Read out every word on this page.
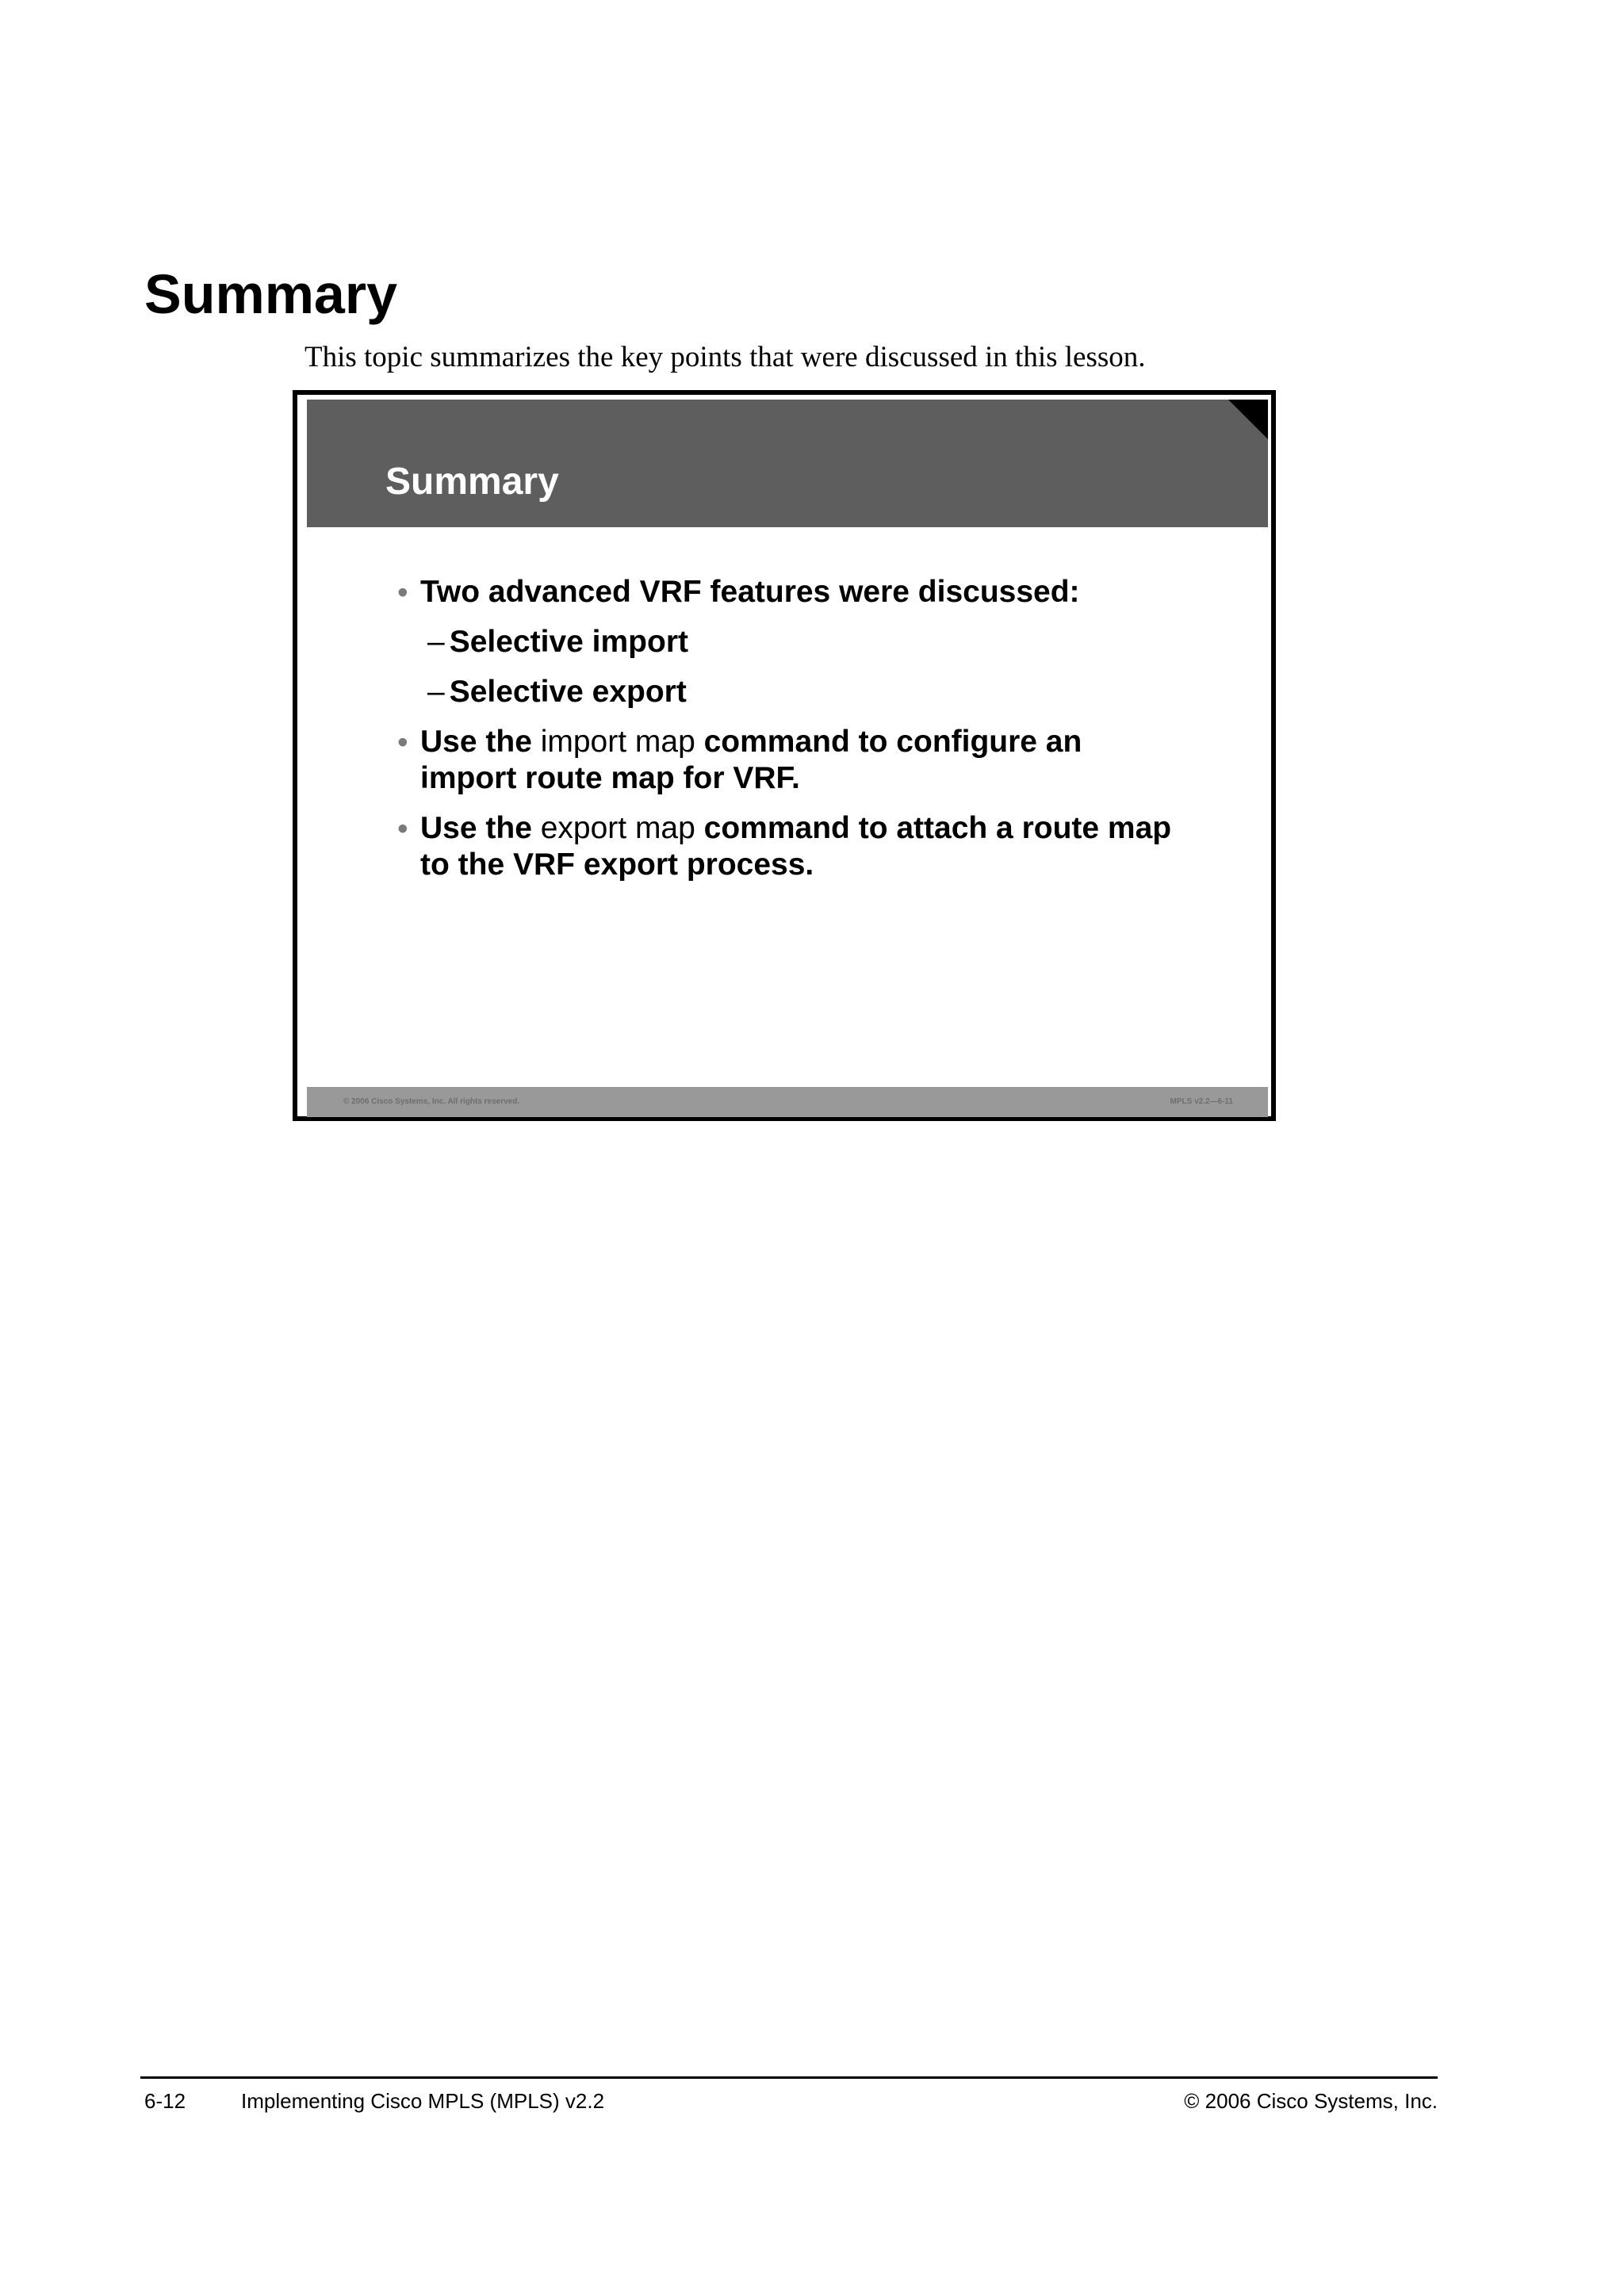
Summary

This topic summarizes the key points that were discussed in this lesson.

Summary
• Two advanced VRF features were discussed:
– Selective import
– Selective export
• Use the import map command to configure an
import route map for VRF.
• Use the export map command to attach a route map
to the VRF export process.
© 2006 Cisco Systems, Inc. All rights reserved.	MPLS v2.2—6-11
6-12	Implementing Cisco MPLS (MPLS) v2.2	© 2006 Cisco Systems, Inc.
